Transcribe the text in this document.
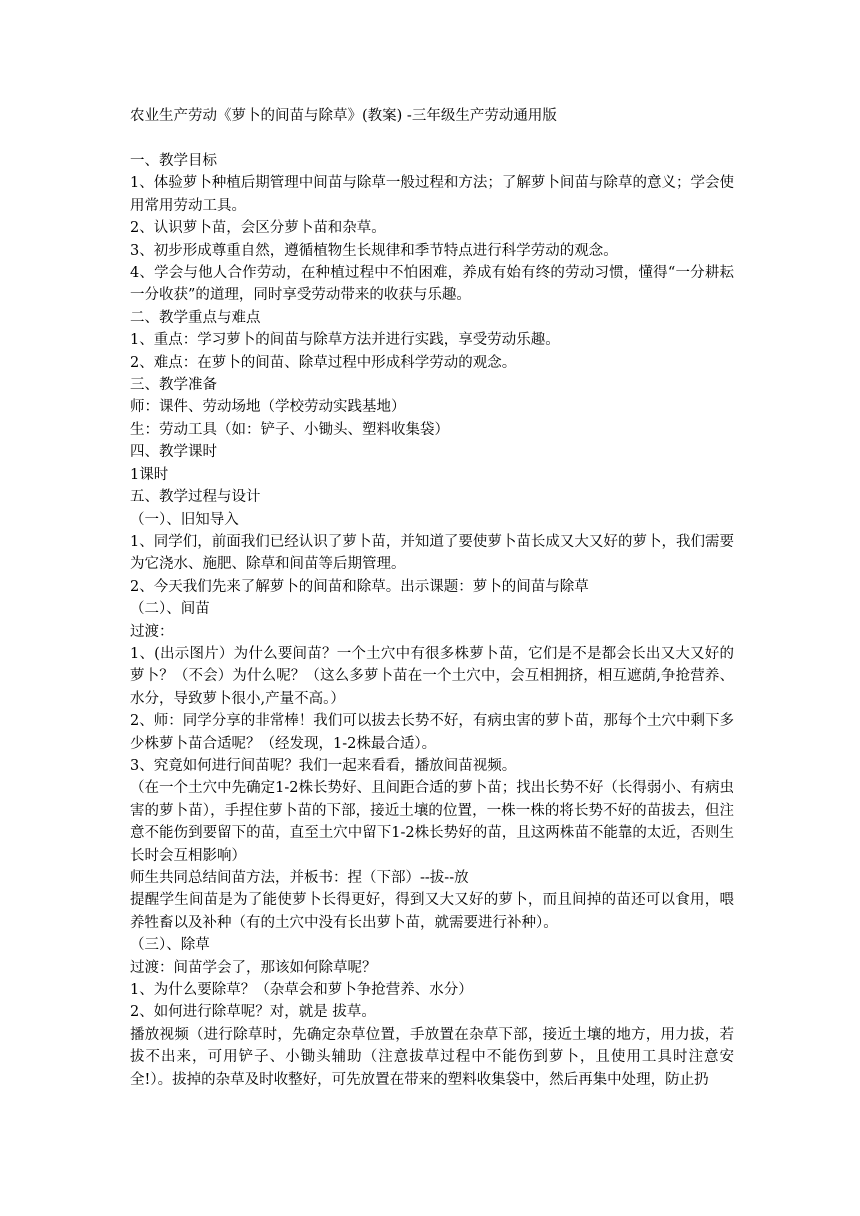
农业生产劳动《萝卜的间苗与除草》(教案) -三年级生产劳动通用版

一、教学目标

1、体验萝卜种植后期管理中间苗与除草一般过程和方法；了解萝卜间苗与除草的意义；学会使用常用劳动工具。

2、认识萝卜苗，会区分萝卜苗和杂草。

3、初步形成尊重自然，遵循植物生长规律和季节特点进行科学劳动的观念。

4、学会与他人合作劳动，在种植过程中不怕困难，养成有始有终的劳动习惯，懂得“一分耕耘一分收获”的道理，同时享受劳动带来的收获与乐趣。

二、教学重点与难点

1、重点：学习萝卜的间苗与除草方法并进行实践，享受劳动乐趣。

2、难点：在萝卜的间苗、除草过程中形成科学劳动的观念。

三、教学准备

师：课件、劳动场地（学校劳动实践基地）

生：劳动工具（如：铲子、小锄头、塑料收集袋）

四、教学课时

1课时

五、教学过程与设计

（一）、旧知导入

1、同学们，前面我们已经认识了萝卜苗，并知道了要使萝卜苗长成又大又好的萝卜，我们需要为它浇水、施肥、除草和间苗等后期管理。

2、今天我们先来了解萝卜的间苗和除草。出示课题：萝卜的间苗与除草

（二）、间苗

过渡：

1、(出示图片）为什么要间苗？一个土穴中有很多株萝卜苗，它们是不是都会长出又大又好的萝卜？（不会）为什么呢？（这么多萝卜苗在一个土穴中，会互相拥挤，相互遮荫,争抢营养、水分，导致萝卜很小,产量不高。）

2、师：同学分享的非常棒！我们可以拔去长势不好，有病虫害的萝卜苗，那每个土穴中剩下多少株萝卜苗合适呢？（经发现，1-2株最合适）。

3、究竟如何进行间苗呢？我们一起来看看，播放间苗视频。

（在一个土穴中先确定1-2株长势好、且间距合适的萝卜苗；找出长势不好（长得弱小、有病虫害的萝卜苗），手捏住萝卜苗的下部，接近土壤的位置，一株一株的将长势不好的苗拔去，但注意不能伤到要留下的苗，直至土穴中留下1-2株长势好的苗，且这两株苗不能靠的太近，否则生长时会互相影响）

师生共同总结间苗方法，并板书：捏（下部）--拔--放

提醒学生间苗是为了能使萝卜长得更好，得到又大又好的萝卜，而且间掉的苗还可以食用，喂养牲畜以及补种（有的土穴中没有长出萝卜苗，就需要进行补种）。

（三）、除草

过渡：间苗学会了，那该如何除草呢？

1、为什么要除草？（杂草会和萝卜争抢营养、水分）

2、如何进行除草呢？对，就是 拔草。

播放视频（进行除草时，先确定杂草位置，手放置在杂草下部，接近土壤的地方，用力拔，若拔不出来，可用铲子、小锄头辅助（注意拔草过程中不能伤到萝卜，且使用工具时注意安全!）。拔掉的杂草及时收整好，可先放置在带来的塑料收集袋中，然后再集中处理，防止扔
